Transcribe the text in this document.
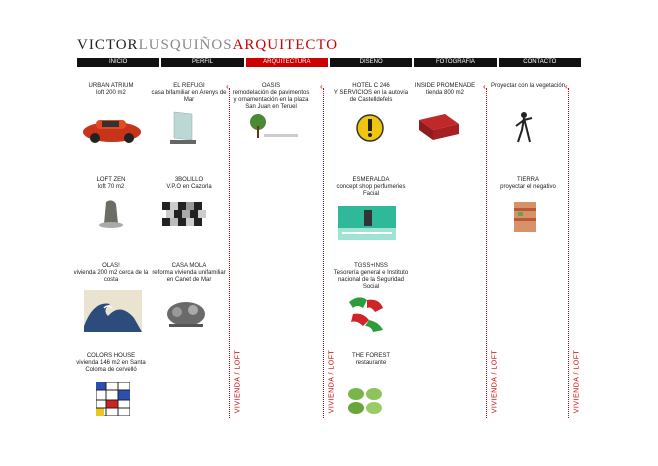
VICTORLUSQUIÑOSARQUITECTO
INICIO	PERFIL	ARQUITECTURA	DISEÑO	FOTOGRAFÍA	CONTACTO
‹
VIVIENDA / LOFT
‹
VIVIENDA / LOFT
‹
VIVIENDA / LOFT
‹
VIVIENDA / LOFT
URBAN ATRIUM
loft 200 m2
EL REFUGI
casa bifamiliar en Arenys de Mar
OASIS
remodelación de pavimentos y ornamentación en la plaza San Juan en Teruel
HOTEL C 246
Y SERVICIOS en la autovía de Castelldefels
INSIDE PROMENADE
tienda 800 m2
Proyectar con la vegetación
LOFT ZEN
loft 70 m2
3BOLILLO
V.P.O en Cazorla
ESMERALDA
concept shop perfumeries Facial
TIERRA
proyectar el negativo
OLAS!
vivienda 200 m2 cerca de la costa
CASA MOLA
reforma vivienda unifamiliar en Canet de Mar
TGSS+INSS
Tesorería general e Instituto nacional de la Seguridad Social
COLORS HOUSE
vivienda 146 m2 en Santa Coloma de cervelló
THE FOREST
restaurante
